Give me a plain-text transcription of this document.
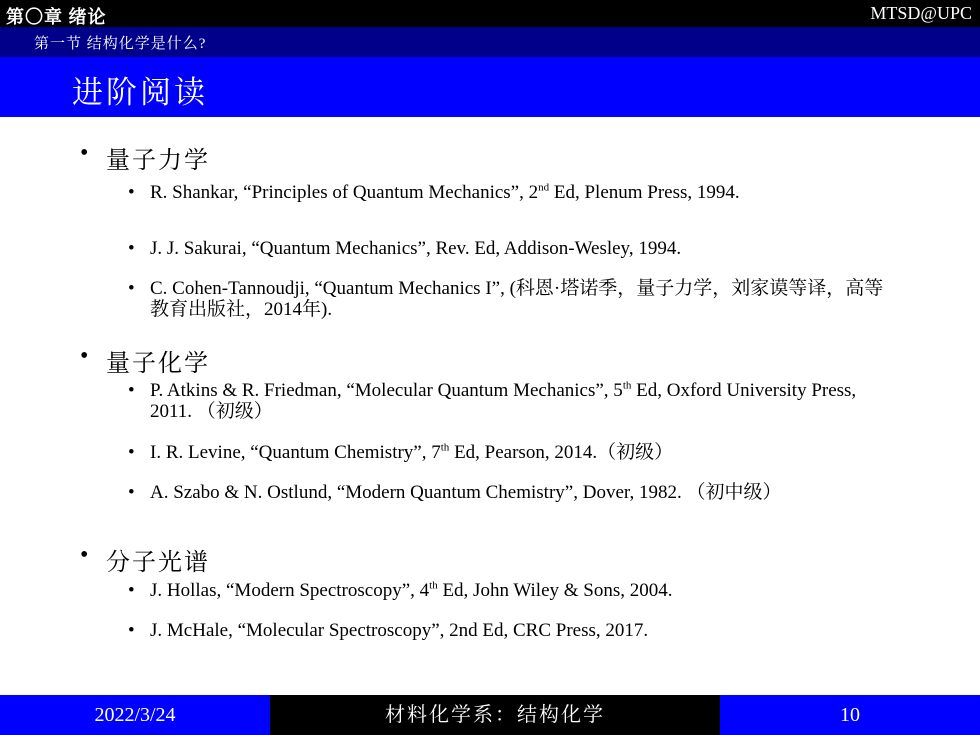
第〇章 绪论	MTSD@UPC
第一节 结构化学是什么?
进阶阅读
• 量子力学
• R. Shankar, “Principles of Quantum Mechanics”, 2nd Ed, Plenum Press, 1994.
• J. J. Sakurai, “Quantum Mechanics”, Rev. Ed, Addison-Wesley, 1994.
• C. Cohen-Tannoudji, “Quantum Mechanics I”, (科恩·塔诺季，量子力学，刘家谟等译，高等教育出版社，2014年).
• 量子化学
• P. Atkins & R. Friedman, “Molecular Quantum Mechanics”, 5th Ed, Oxford University Press, 2011. （初级）
• I. R. Levine, “Quantum Chemistry”, 7th Ed, Pearson, 2014.（初级）
• A. Szabo & N. Ostlund, “Modern Quantum Chemistry”, Dover, 1982. （初中级）
• 分子光谱
• J. Hollas, “Modern Spectroscopy”, 4th Ed, John Wiley & Sons, 2004.
• J. McHale, “Molecular Spectroscopy”, 2nd Ed, CRC Press, 2017.
2022/3/24	材料化学系：结构化学	10
